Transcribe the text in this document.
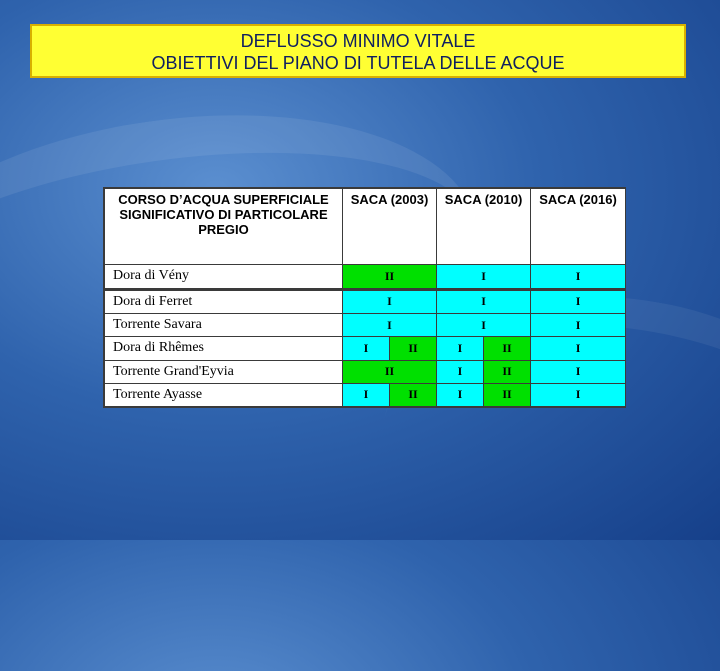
DEFLUSSO MINIMO VITALE
OBIETTIVI DEL PIANO DI TUTELA DELLE ACQUE
CORSO D’ACQUA SUPERFICIALE SIGNIFICATIVO DI PARTICOLARE PREGIO	SACA (2003)		SACA (2010)		SACA (2016)
Dora di Vény	II		I		I
Dora di Ferret	I		I		I
Torrente Savara	I		I		I
Dora di Rhêmes	I	II	I	II	I
Torrente Grand'Eyvia	II		I	II	I
Torrente Ayasse	I	II	I	II	I
